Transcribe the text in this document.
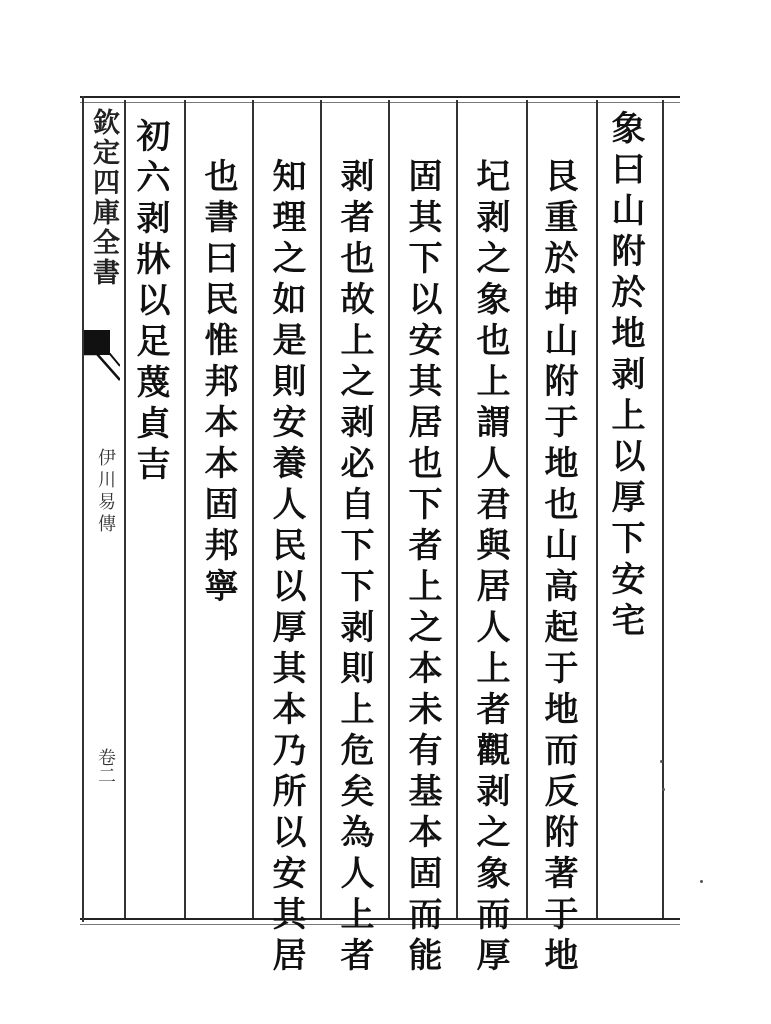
欽定四庫全書
伊川易傳
卷二
象曰山附於地剥上以厚下安宅
艮重於坤山附于地也山高起于地而反附著于地
圮剥之象也上謂人君與居人上者觀剥之象而厚
固其下以安其居也下者上之本未有基本固而能
剥者也故上之剥必自下下剥則上危矣為人上者
知理之如是則安養人民以厚其本乃所以安其居
也書曰民惟邦本本固邦寧
初六剥牀以足蔑貞吉
